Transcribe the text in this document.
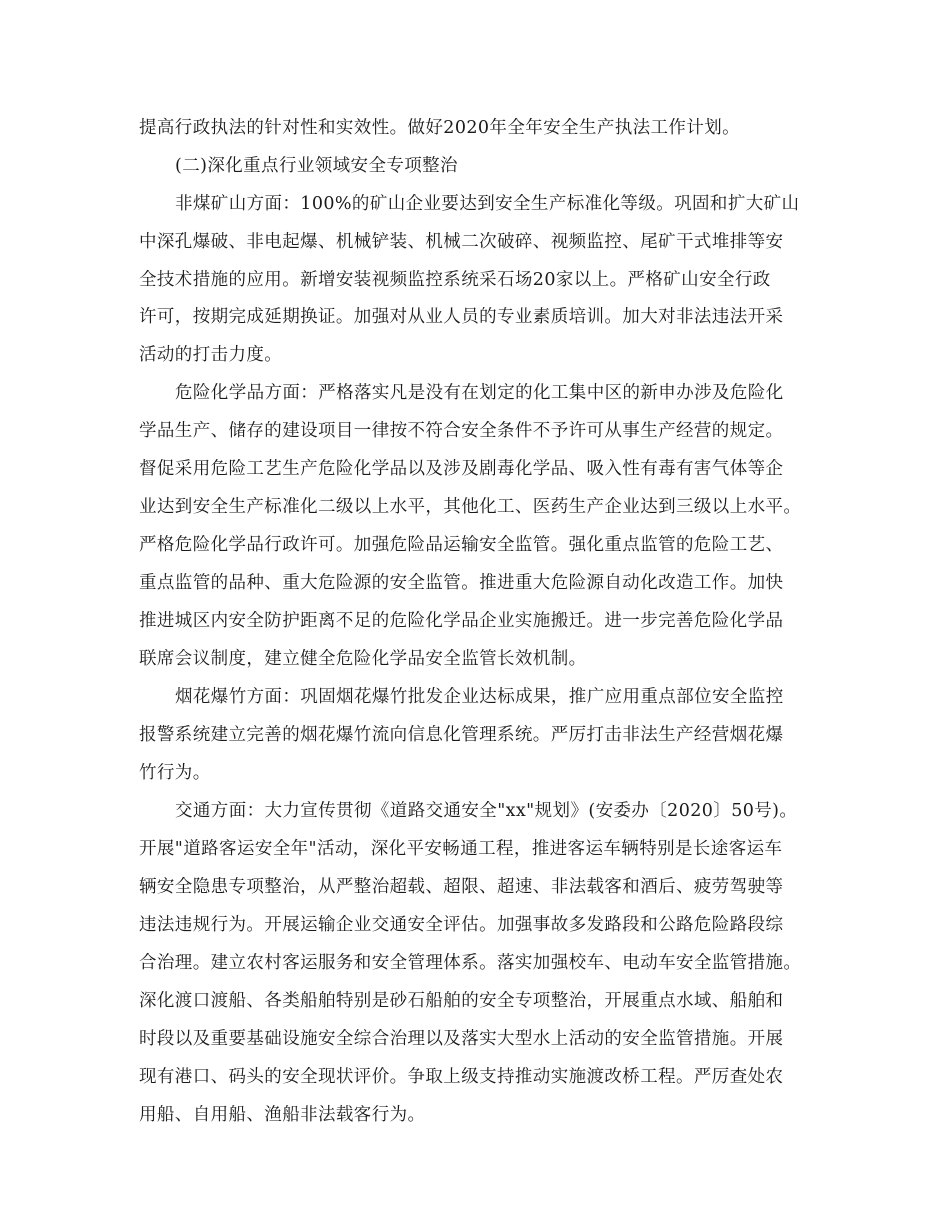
提高行政执法的针对性和实效性。做好2020年全年安全生产执法工作计划。
(二)深化重点行业领域安全专项整治
非煤矿山方面：100%的矿山企业要达到安全生产标准化等级。巩固和扩大矿山
中深孔爆破、非电起爆、机械铲装、机械二次破碎、视频监控、尾矿干式堆排等安
全技术措施的应用。新增安装视频监控系统采石场20家以上。严格矿山安全行政
许可，按期完成延期换证。加强对从业人员的专业素质培训。加大对非法违法开采
活动的打击力度。
危险化学品方面：严格落实凡是没有在划定的化工集中区的新申办涉及危险化
学品生产、储存的建设项目一律按不符合安全条件不予许可从事生产经营的规定。
督促采用危险工艺生产危险化学品以及涉及剧毒化学品、吸入性有毒有害气体等企
业达到安全生产标准化二级以上水平，其他化工、医药生产企业达到三级以上水平。
严格危险化学品行政许可。加强危险品运输安全监管。强化重点监管的危险工艺、
重点监管的品种、重大危险源的安全监管。推进重大危险源自动化改造工作。加快
推进城区内安全防护距离不足的危险化学品企业实施搬迁。进一步完善危险化学品
联席会议制度，建立健全危险化学品安全监管长效机制。
烟花爆竹方面：巩固烟花爆竹批发企业达标成果，推广应用重点部位安全监控
报警系统建立完善的烟花爆竹流向信息化管理系统。严厉打击非法生产经营烟花爆
竹行为。
交通方面：大力宣传贯彻《道路交通安全"xx"规划》(安委办〔2020〕50号)。
开展"道路客运安全年"活动，深化平安畅通工程，推进客运车辆特别是长途客运车
辆安全隐患专项整治，从严整治超载、超限、超速、非法载客和酒后、疲劳驾驶等
违法违规行为。开展运输企业交通安全评估。加强事故多发路段和公路危险路段综
合治理。建立农村客运服务和安全管理体系。落实加强校车、电动车安全监管措施。
深化渡口渡船、各类船舶特别是砂石船舶的安全专项整治，开展重点水域、船舶和
时段以及重要基础设施安全综合治理以及落实大型水上活动的安全监管措施。开展
现有港口、码头的安全现状评价。争取上级支持推动实施渡改桥工程。严厉查处农
用船、自用船、渔船非法载客行为。
